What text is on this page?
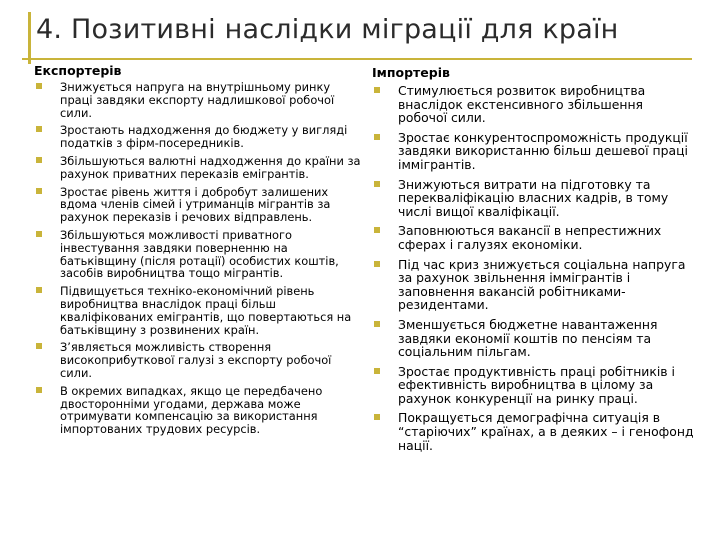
4. Позитивні наслідки міграції для країн
Експортерів
Знижується напруга на внутрішньому ринку праці завдяки експорту надлишкової робочої сили.
Зростають надходження до бюджету у вигляді податків з фірм-посередників.
Збільшуються валютні надходження до країни за рахунок приватних переказів емігрантів.
Зростає рівень життя і добробут залишених вдома членів сімей і утриманців мігрантів за рахунок переказів і речових відправлень.
Збільшуються можливості приватного інвестування завдяки поверненню на батьківщину (після ротації) особистих коштів, засобів виробництва тощо мігрантів.
Підвищується техніко-економічний рівень виробництва внаслідок праці більш кваліфікованих емігрантів, що повертаються на батьківщину з розвинених країн.
З’являється можливість створення високоприбуткової галузі з експорту робочої сили.
В окремих випадках, якщо це передбачено двосторонніми угодами, держава може отримувати компенсацію за використання імпортованих трудових ресурсів.
Імпортерів
Стимулюється розвиток виробництва внаслідок екстенсивного збільшення робочої сили.
Зростає конкурентоспроможність продукції завдяки використанню більш дешевої праці іммігрантів.
Знижуються витрати на підготовку та перекваліфікацію власних кадрів, в тому числі вищої кваліфікації.
Заповнюються вакансії в непрестижних сферах і галузях економіки.
Під час криз знижується соціальна напруга за рахунок звільнення іммігрантів і заповнення вакансій робітниками-резидентами.
Зменшується бюджетне навантаження завдяки економії коштів по пенсіям та соціальним пільгам.
Зростає продуктивність праці робітників і ефективність виробництва в цілому за рахунок конкуренції на ринку праці.
Покращується демографічна ситуація в “старіючих” країнах, а в деяких – і генофонд нації.
